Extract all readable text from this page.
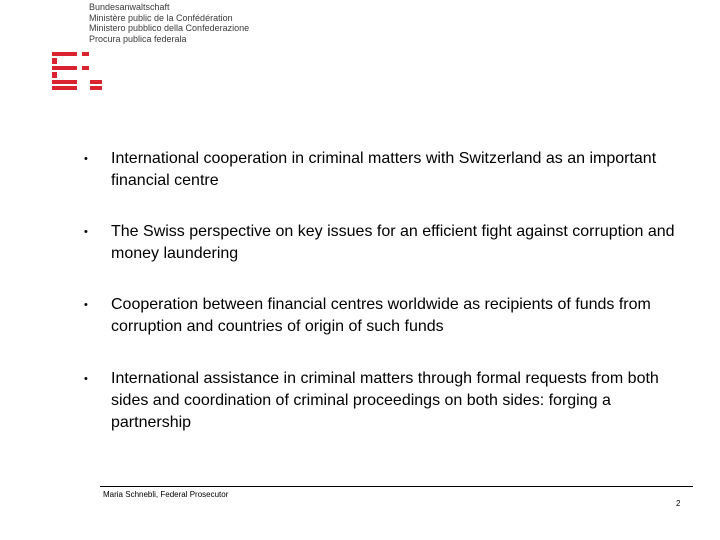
Bundesanwaltschaft
Ministère public de la Confédération
Ministero pubblico della Confederazione
Procura publica federala
•	International cooperation in criminal matters with Switzerland as an important financial centre
•	The Swiss perspective on key issues for an efficient fight against corruption and money laundering
•	Cooperation between financial centres worldwide as recipients of funds from corruption and countries of origin of such funds
•	International assistance in criminal matters through formal requests from both sides and coordination of criminal proceedings on both sides: forging a partnership
Maria Schnebli, Federal Prosecutor
2
